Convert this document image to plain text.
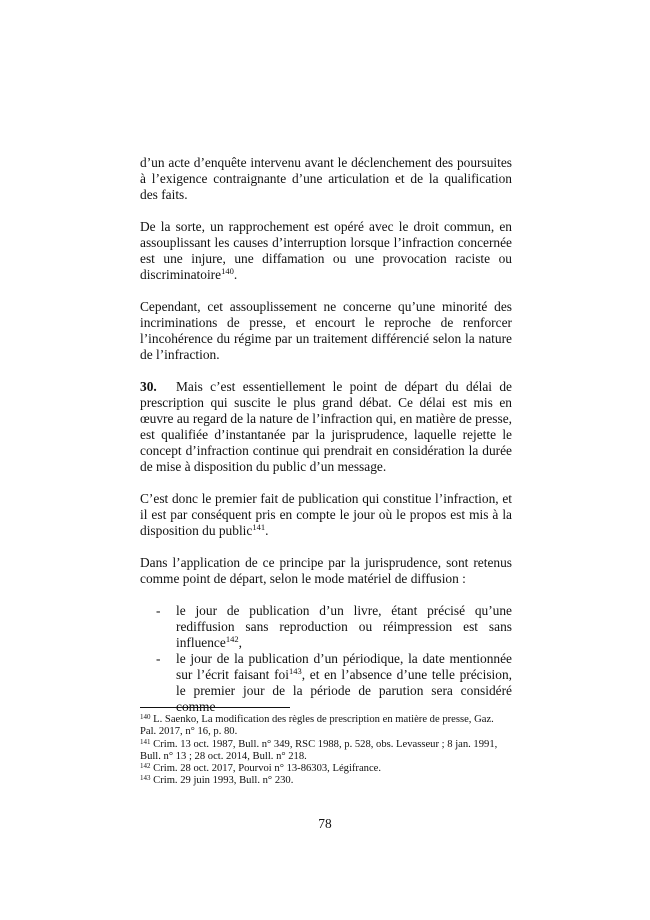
d’un acte d’enquête intervenu avant le déclenchement des poursuites à l’exigence contraignante d’une articulation et de la qualification des faits.

De la sorte, un rapprochement est opéré avec le droit commun, en assouplissant les causes d’interruption lorsque l’infraction concernée est une injure, une diffamation ou une provocation raciste ou discriminatoire$^{140}$.

Cependant, cet assouplissement ne concerne qu’une minorité des incriminations de presse, et encourt le reproche de renforcer l’incohérence du régime par un traitement différencié selon la nature de l’infraction.

30. Mais c’est essentiellement le point de départ du délai de prescription qui suscite le plus grand débat. Ce délai est mis en œuvre au regard de la nature de l’infraction qui, en matière de presse, est qualifiée d’instantanée par la jurisprudence, laquelle rejette le concept d’infraction continue qui prendrait en considération la durée de mise à disposition du public d’un message.

C’est donc le premier fait de publication qui constitue l’infraction, et il est par conséquent pris en compte le jour où le propos est mis à la disposition du public$^{141}$.

Dans l’application de ce principe par la jurisprudence, sont retenus comme point de départ, selon le mode matériel de diffusion :

- le jour de publication d’un livre, étant précisé qu’une rediffusion sans reproduction ou réimpression est sans influence$^{142}$,
- le jour de la publication d’un périodique, la date mentionnée sur l’écrit faisant foi$^{143}$, et en l’absence d’une telle précision, le premier jour de la période de parution sera considéré comme
$^{140}$ L. Saenko, La modification des règles de prescription en matière de presse, Gaz. Pal. 2017, n° 16, p. 80.
$^{141}$ Crim. 13 oct. 1987, Bull. n° 349, RSC 1988, p. 528, obs. Levasseur ; 8 jan. 1991, Bull. n° 13 ; 28 oct. 2014, Bull. n° 218.
$^{142}$ Crim. 28 oct. 2017, Pourvoi n° 13-86303, Légifrance.
$^{143}$ Crim. 29 juin 1993, Bull. n° 230.
78
